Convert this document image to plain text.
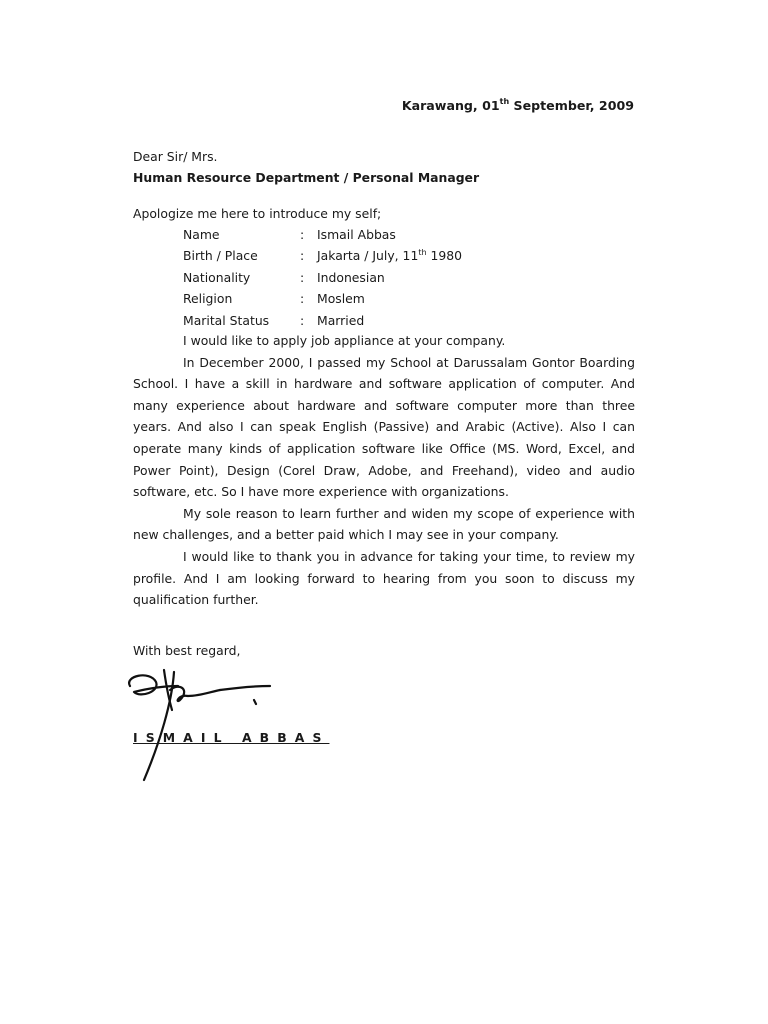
Karawang, 01th September, 2009
Dear Sir/ Mrs.
Human Resource Department / Personal Manager
Apologize me here to introduce my self;
Name	: Ismail Abbas
Birth / Place	: Jakarta / July, 11th 1980
Nationality	: Indonesian
Religion	: Moslem
Marital Status : Married

I would like to apply job appliance at your company.

In December 2000, I passed my School at Darussalam Gontor Boarding School. I have a skill in hardware and software application of computer. And many experience about hardware and software computer more than three years. And also I can speak English (Passive) and Arabic (Active). Also I can operate many kinds of application software like Office (MS. Word, Excel, and Power Point), Design (Corel Draw, Adobe, and Freehand), video and audio software, etc. So I have more experience with organizations.

My sole reason to learn further and widen my scope of experience with new challenges, and a better paid which I may see in your company.

I would like to thank you in advance for taking your time, to review my profile. And I am looking forward to hearing from you soon to discuss my qualification further.

With best regard,
ISMAIL ABBAS
